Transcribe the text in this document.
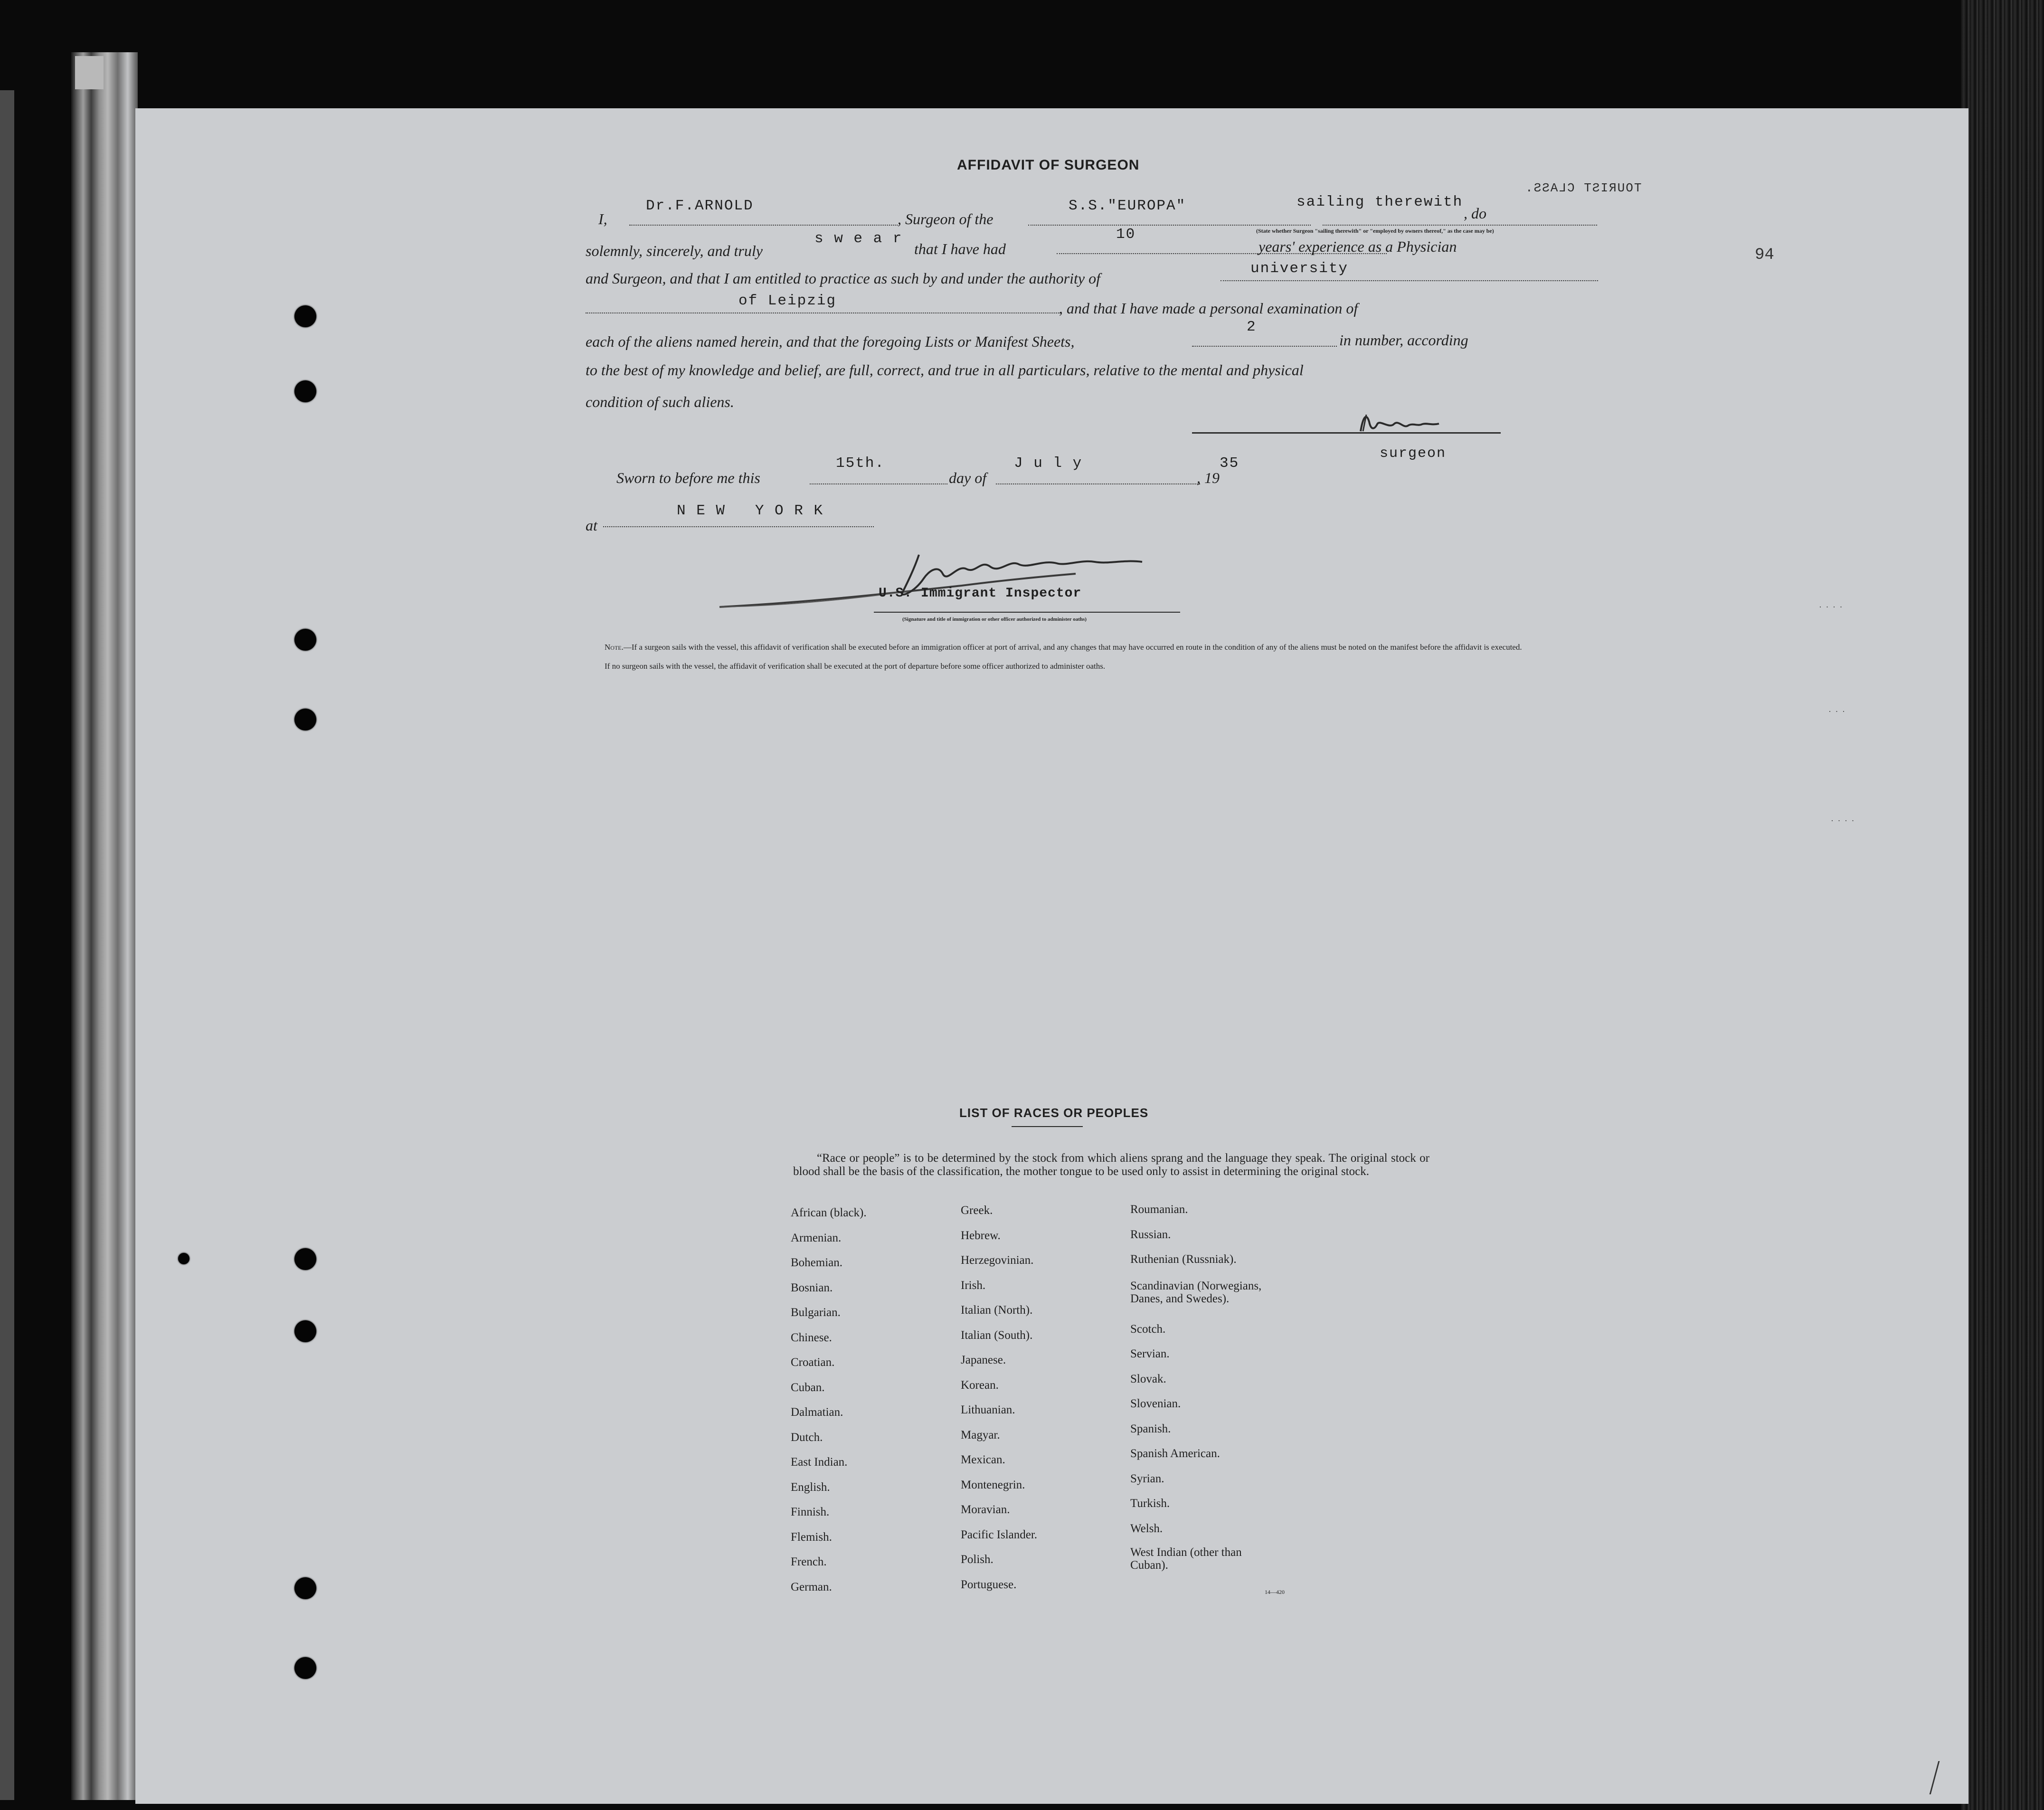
TOURIST CLASS.
94
· · · ·
· · ·
· · · ·
AFFIDAVIT OF SURGEON
I,
Dr.F.ARNOLD
, Surgeon of the
S.S."EUROPA"	sailing therewith
, do
(State whether Surgeon "sailing therewith" or "employed by owners thereof," as the case may be)
solemnly, sincerely, and truly
s w e a r
that I have had
10
years' experience as a Physician
and Surgeon, and that I am entitled to practice as such by and under the authority of
university
of Leipzig	, and that I have made a personal examination of
each of the aliens named herein, and that the foregoing Lists or Manifest Sheets,
2
in number, according
to the best of my knowledge and belief, are full, correct, and true in all particulars, relative to the mental and physical
condition of such aliens.
surgeon
Sworn to before me this
15th.
day of
J u l y
, 19
35
at
N E W   Y O R K
U.S. Immigrant Inspector
(Signature and title of immigration or other officer authorized to administer oaths)
Note.—If a surgeon sails with the vessel, this affidavit of verification shall be executed before an immigration officer at port of arrival, and any changes that may have occurred en route in the condition of any of the aliens must be noted on the manifest before the affidavit is executed.
If no surgeon sails with the vessel, the affidavit of verification shall be executed at the port of departure before some officer authorized to administer oaths.
LIST OF RACES OR PEOPLES
“Race or people” is to be determined by the stock from which aliens sprang and the language they speak. The original stock or blood shall be the basis of the classification, the mother tongue to be used only to assist in determining the original stock.
African (black).
Armenian.
Bohemian.
Bosnian.
Bulgarian.
Chinese.
Croatian.
Cuban.
Dalmatian.
Dutch.
East Indian.
English.
Finnish.
Flemish.
French.
German.
Greek.
Hebrew.
Herzegovinian.
Irish.
Italian (North).
Italian (South).
Japanese.
Korean.
Lithuanian.
Magyar.
Mexican.
Montenegrin.
Moravian.
Pacific Islander.
Polish.
Portuguese.
Roumanian.
Russian.
Ruthenian (Russniak).
Scandinavian (Norwegians, Danes, and Swedes).
Scotch.
Servian.
Slovak.
Slovenian.
Spanish.
Spanish American.
Syrian.
Turkish.
Welsh.
West Indian (other than Cuban).
14—420
